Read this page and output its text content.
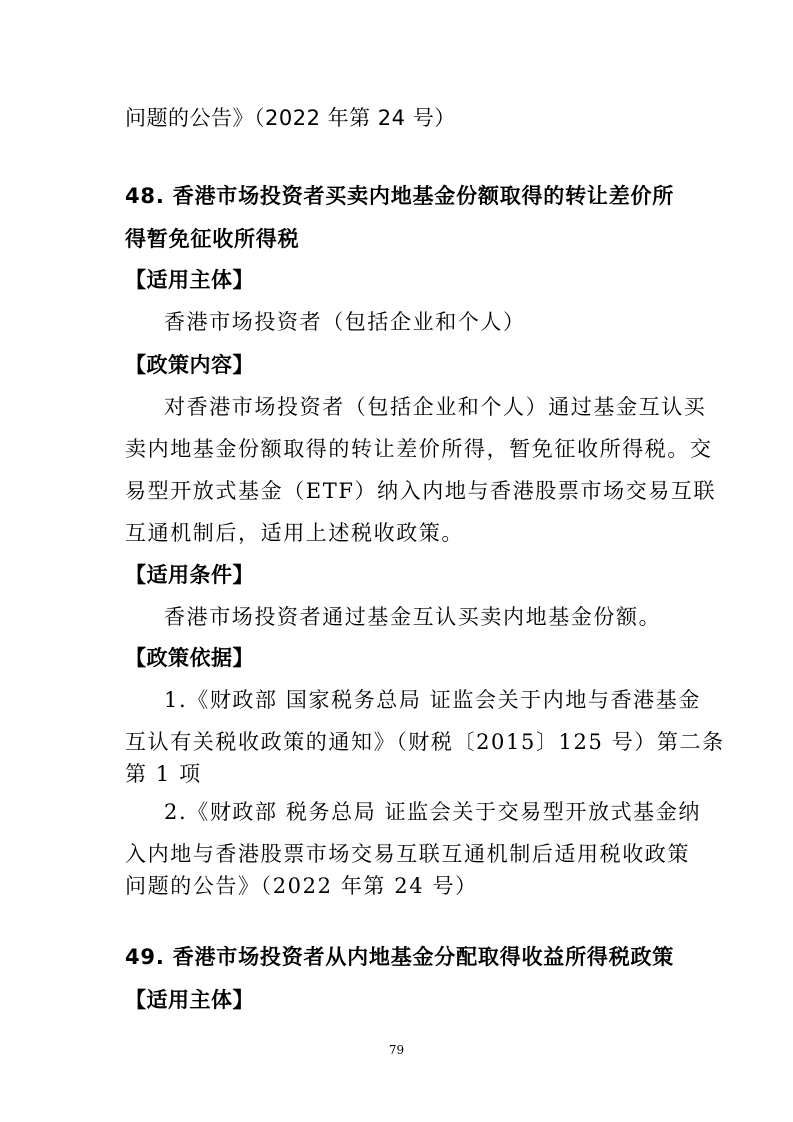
问题的公告》（2022 年第 24 号）
48. 香港市场投资者买卖内地基金份额取得的转让差价所
得暂免征收所得税
【适用主体】
香港市场投资者（包括企业和个人）
【政策内容】
对香港市场投资者（包括企业和个人）通过基金互认买
卖内地基金份额取得的转让差价所得，暂免征收所得税。交
易型开放式基金（ETF）纳入内地与香港股票市场交易互联
互通机制后，适用上述税收政策。
【适用条件】
香港市场投资者通过基金互认买卖内地基金份额。
【政策依据】
1.《财政部 国家税务总局 证监会关于内地与香港基金
互认有关税收政策的通知》（财税〔2015〕125 号）第二条
第 1 项
2.《财政部 税务总局 证监会关于交易型开放式基金纳
入内地与香港股票市场交易互联互通机制后适用税收政策
问题的公告》（2022 年第 24 号）
49. 香港市场投资者从内地基金分配取得收益所得税政策
【适用主体】
79
